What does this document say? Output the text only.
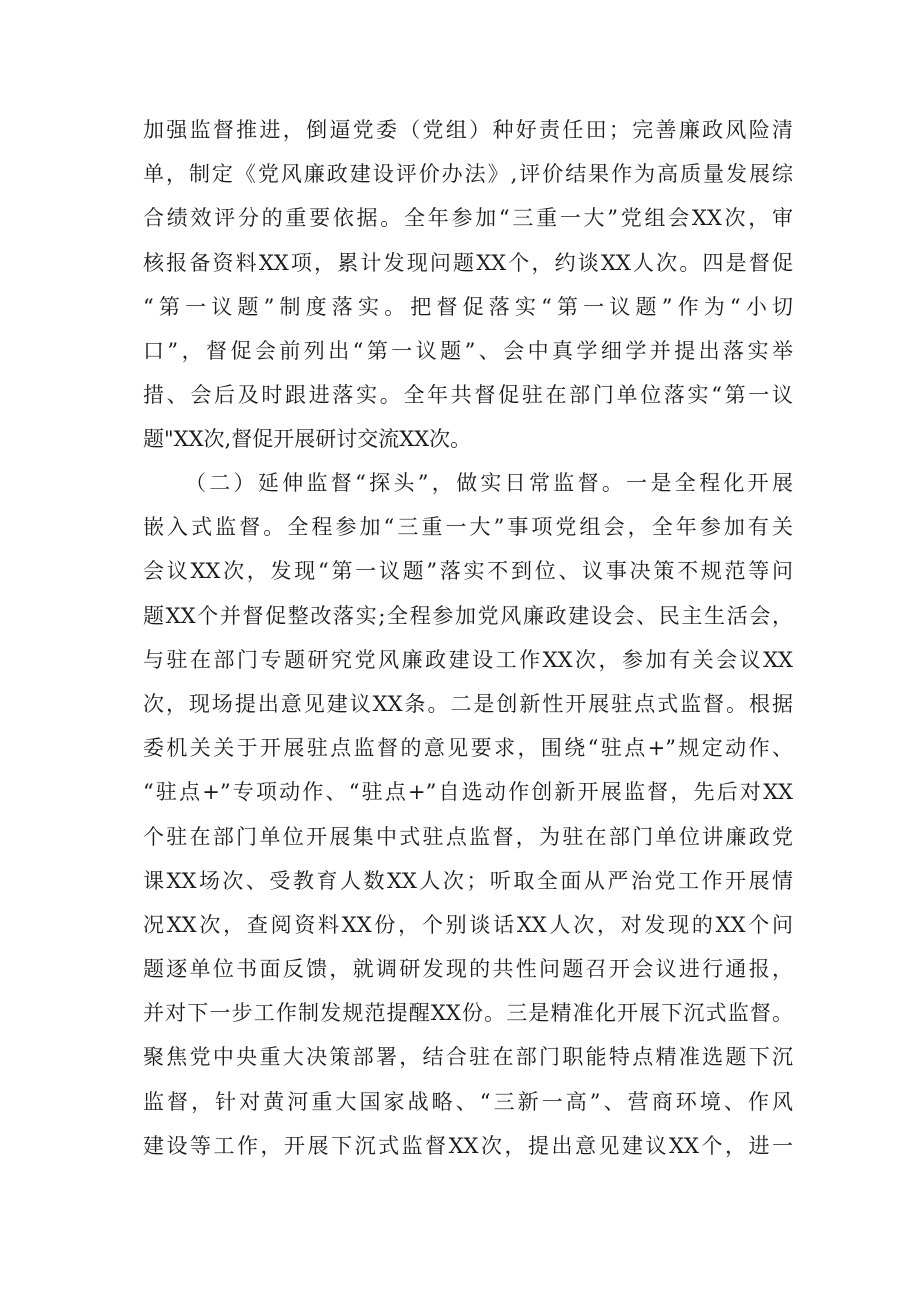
加强监督推进，倒逼党委（党组）种好责任田；完善廉政风险清
单，制定《党风廉政建设评价办法》,评价结果作为高质量发展综
合绩效评分的重要依据。全年参加“三重一大”党组会XX次，审
核报备资料XX项，累计发现问题XX个，约谈XX人次。四是督促
“第一议题”制度落实。把督促落实“第一议题”作为“小切
口”，督促会前列出“第一议题”、会中真学细学并提出落实举
措、会后及时跟进落实。全年共督促驻在部门单位落实“第一议
题"XX次,督促开展研讨交流XX次。
（二）延伸监督“探头”，做实日常监督。一是全程化开展
嵌入式监督。全程参加“三重一大”事项党组会，全年参加有关
会议XX次，发现“第一议题”落实不到位、议事决策不规范等问
题XX个并督促整改落实;全程参加党风廉政建设会、民主生活会，
与驻在部门专题研究党风廉政建设工作XX次，参加有关会议XX
次，现场提出意见建议XX条。二是创新性开展驻点式监督。根据
委机关关于开展驻点监督的意见要求，围绕“驻点+”规定动作、
“驻点+”专项动作、“驻点+”自选动作创新开展监督，先后对XX
个驻在部门单位开展集中式驻点监督，为驻在部门单位讲廉政党
课XX场次、受教育人数XX人次；听取全面从严治党工作开展情
况XX次，查阅资料XX份，个别谈话XX人次，对发现的XX个问
题逐单位书面反馈，就调研发现的共性问题召开会议进行通报，
并对下一步工作制发规范提醒XX份。三是精准化开展下沉式监督。
聚焦党中央重大决策部署，结合驻在部门职能特点精准选题下沉
监督，针对黄河重大国家战略、“三新一高”、营商环境、作风
建设等工作，开展下沉式监督XX次，提出意见建议XX个，进一
